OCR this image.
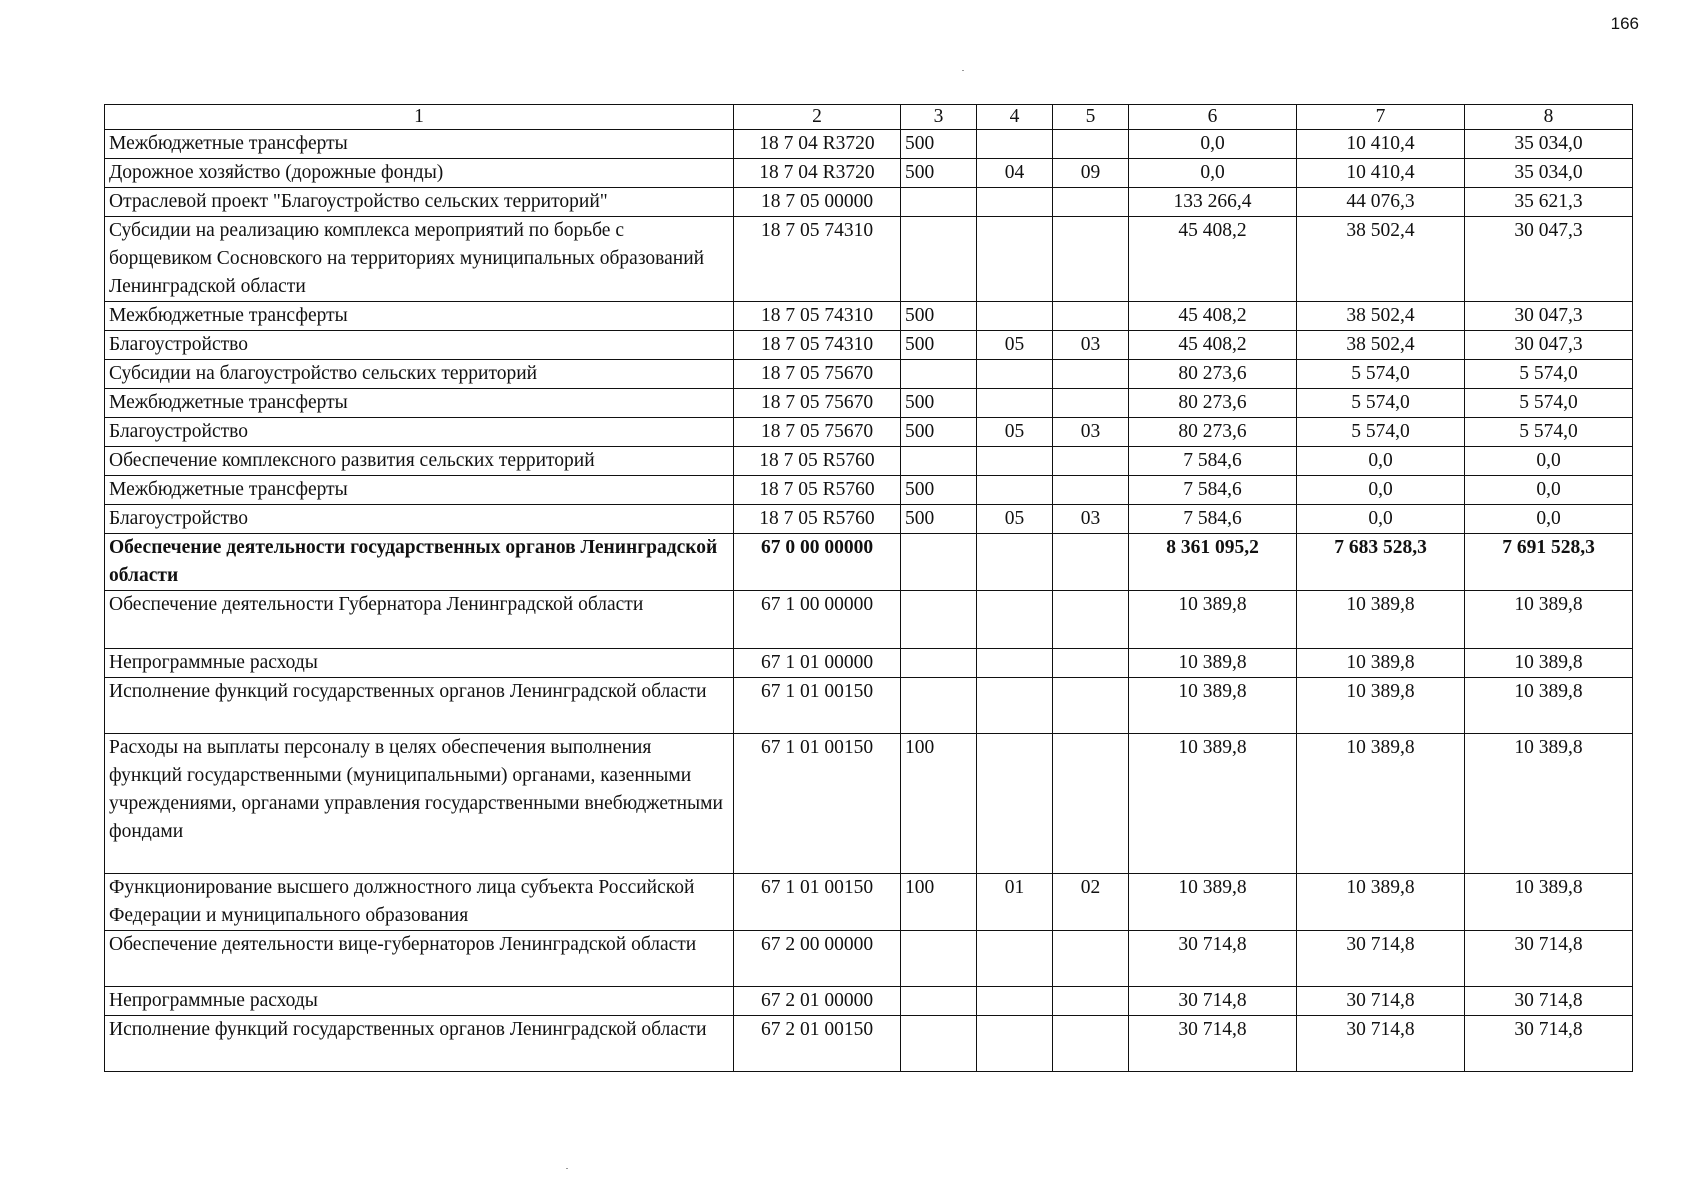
166
1	2	3	4	5	6	7	8
Межбюджетные трансферты	18 7 04 R3720	500			0,0	10 410,4	35 034,0
Дорожное хозяйство (дорожные фонды)	18 7 04 R3720	500	04	09	0,0	10 410,4	35 034,0
Отраслевой проект "Благоустройство сельских территорий"	18 7 05 00000				133 266,4	44 076,3	35 621,3
Субсидии на реализацию комплекса мероприятий по борьбе с борщевиком Сосновского на территориях муниципальных образований Ленинградской области	18 7 05 74310				45 408,2	38 502,4	30 047,3
Межбюджетные трансферты	18 7 05 74310	500			45 408,2	38 502,4	30 047,3
Благоустройство	18 7 05 74310	500	05	03	45 408,2	38 502,4	30 047,3
Субсидии на благоустройство сельских территорий	18 7 05 75670				80 273,6	5 574,0	5 574,0
Межбюджетные трансферты	18 7 05 75670	500			80 273,6	5 574,0	5 574,0
Благоустройство	18 7 05 75670	500	05	03	80 273,6	5 574,0	5 574,0
Обеспечение комплексного развития сельских территорий	18 7 05 R5760				7 584,6	0,0	0,0
Межбюджетные трансферты	18 7 05 R5760	500			7 584,6	0,0	0,0
Благоустройство	18 7 05 R5760	500	05	03	7 584,6	0,0	0,0
Обеспечение деятельности государственных органов Ленинградской области	67 0 00 00000				8 361 095,2	7 683 528,3	7 691 528,3
Обеспечение деятельности Губернатора Ленинградской области	67 1 00 00000				10 389,8	10 389,8	10 389,8
Непрограммные расходы	67 1 01 00000				10 389,8	10 389,8	10 389,8
Исполнение функций государственных органов Ленинградской области	67 1 01 00150				10 389,8	10 389,8	10 389,8
Расходы на выплаты персоналу в целях обеспечения выполнения функций государственными (муниципальными) органами, казенными учреждениями, органами управления государственными внебюджетными фондами	67 1 01 00150	100			10 389,8	10 389,8	10 389,8
Функционирование высшего должностного лица субъекта Российской Федерации и муниципального образования	67 1 01 00150	100	01	02	10 389,8	10 389,8	10 389,8
Обеспечение деятельности вице-губернаторов Ленинградской области	67 2 00 00000				30 714,8	30 714,8	30 714,8
Непрограммные расходы	67 2 01 00000				30 714,8	30 714,8	30 714,8
Исполнение функций государственных органов Ленинградской области	67 2 01 00150				30 714,8	30 714,8	30 714,8
